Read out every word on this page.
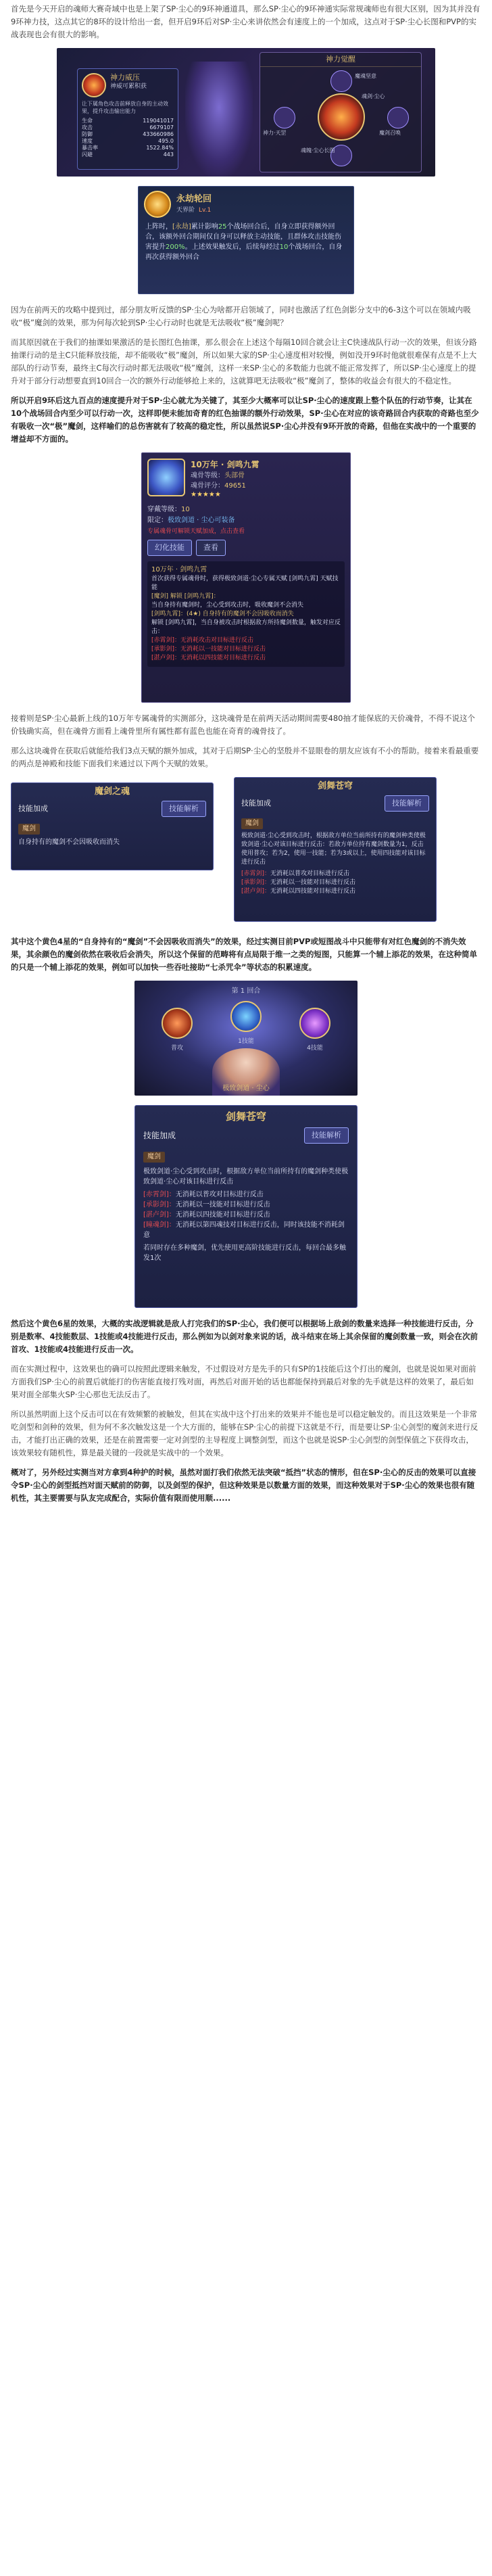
首先是今天开启的魂师大赛奇域中也是上架了SP·尘心的9环神通道具，那么SP·尘心的9环神通实际常规魂师也有很大区别，因为其并没有9环神力技，这点其它的8环的设计给出一套，但开启9环后对SP·尘心来讲依然会有速度上的一个加成，这点对于SP·尘心长图和PVP的实战表现也会有很大的影响。

神力威压
神威可累积获
让下属角色攻击前释放自身的主动效果，提升攻击输出能力
生命	119041017
攻击	6679107
防御	433660986
速度	495.0
暴击率	1522.84%
闪避	443
神力觉醒
魔魂坚意
神力·天罡
魂剑·尘心
魔剑召唤
魂魄·尘心长图
永劫轮回
天界阶 Lv.1
上阵时，[永劫]累计影响25个战场回合后，自身立即获得额外回合，该额外回合期间仅自身可以释放主动技能，且群体攻击技能伤害提升200%。上述效果触发后，后续每经过10个战场回合，自身再次获得额外回合

因为在前两天的攻略中提到过，部分朋友听反馈的SP·尘心为啥都开启领域了，同时也激活了红色剑影分支中的6-3这个可以在领域内吸收“极”魔剑的效果，那为何每次轮到SP·尘心行动时也就是无法吸收“极”魔剑呢？

而其原因就在于我们的抽课如果激活的是长图红色抽课，那么很会在上述这个每隔10回合就会让主C快速战队行动一次的效果，但该分路抽课行动的是主C只能释放技能，却不能吸收“极”魔剑，所以如果大家的SP·尘心速度相对较慢，例如没开9环时他就很难保有点是不上大部队的行动节奏，最终主C每次行动时都无法吸收“极”魔剑，这样一来SP·尘心的多数能力也就不能正常发挥了，所以SP·尘心速度上的提升对于部分行动想要直到10回合一次的额外行动能够抢上来的，这就算吧无法吸收“极”魔剑了，整体的收益会有很大的不稳定性。

所以开启9环后这九百点的速度提升对于SP·尘心就尤为关键了，其至少大概率可以让SP·尘心的速度跟上整个队伍的行动节奏，让其在10个战场回合内至少可以行动一次，这样即便未能加奇育的红色抽课的额外行动效果，SP·尘心在对应的该奇路回合内获取的奇路也至少有吸收一次“极”魔剑，这样喻们的总伤害就有了较高的稳定性，所以虽然说SP·尘心并没有9环开放的奇路，但他在实战中的一个重要的增益却不方面的。

10万年 · 剑鸣九霄
魂骨等级：头部骨
魂骨评分：49651
★★★★★
穿戴等级：10
限定：极致剑道 · 尘心可装备
专属魂骨可解锁天赋加成，点击查看
幻化技能	查看
10万年 · 剑鸣九霄
首次获得专属魂骨时，获得极致剑道·尘心专属天赋 [剑鸣九霄] 天赋技能
[魔剑] 解锁 [剑鸣九霄]：
当自身持有魔剑时，尘心受到攻击时，吸收魔剑不会消失
[剑鸣九霄]：(4★) 自身持有的魔剑不会因吸收而消失
解锁 [剑鸣九霄]，当自身被攻击时根据敌方所持魔剑数量，触发对应反击：
[赤霄剑]：无消耗攻击对目标进行反击
[承影剑]：无消耗以一技能对目标进行反击
[湛卢剑]：无消耗以四技能对目标进行反击

接着则是SP·尘心最新上线的10万年专属魂骨的实测部分，这块魂骨是在前两天活动期间需要480抽才能保底的天价魂骨，不得不说这个价钱确实高，但在魂骨方面看上魂骨里所有属性都有蓝色也能在奇育的魂骨技了。

那么这块魂骨在获取后就能给我们3点天赋的额外加成，其对于后期SP·尘心的坚殷并不显眼卷的朋友应该有不小的帮助。接着来看最重要的两点是神殿和技能下面我们来通过以下两个天赋的效果。

魔剑之魂
技能加成	技能解析
魔剑
自身持有的魔剑不会因吸收而消失
剑舞苍穹
技能加成	技能解析
魔剑
极致剑道·尘心受到攻击时，根据敌方单位当前所持有的魔剑种类使极致剑道·尘心对该目标进行反击：若敌方单位持有魔剑数量为1，反击使用普攻；若为2，使用一技能；若为3或以上，使用四技能对该目标进行反击
[赤霄剑]：无消耗以普攻对目标进行反击
[承影剑]：无消耗以一技能对目标进行反击
[湛卢剑]：无消耗以四技能对目标进行反击

其中这个黄色4星的“自身持有的“魔剑”不会因吸收而消失”的效果，经过实测目前PVP或短图战斗中只能带有对红色魔剑的不消失效果，其余颜色的魔剑依然在吸收后会消失，所以这个保留的范畴将有点局限于维一之类的短图，只能算一个辅上添花的效果，在这种简单的只是一个辅上添花的效果，例如可以加快一些吞吐接助“七杀咒伞”等状态的积累速度。

第 1 回合
普攻
1技能
4技能
极致剑道 · 尘心
剑舞苍穹
技能加成	技能解析
魔剑
极致剑道·尘心受到攻击时，根据敌方单位当前所持有的魔剑种类使极致剑道·尘心对该目标进行反击
[赤霄剑]：无消耗以普攻对目标进行反击
[承影剑]：无消耗以一技能对目标进行反击
[湛卢剑]：无消耗以四技能对目标进行反击
[瞳魂剑]：无消耗以第四魂技对目标进行反击，同时该技能不消耗剑意
若同时存在多种魔剑，优先使用更高阶技能进行反击，每回合最多触发1次

然后这个黄色6星的效果，大概的实战逻辑就是敌人打完我们的SP·尘心，我们便可以根据场上敌剑的数量来选择一种技能进行反击，分别是数率、4技能数层、1技能或4技能进行反击，那么例如为以剑对象来说的话，战斗结束在场上其余保留的魔剑数量一致，则会在次前首攻、1技能或4技能进行反击一次。

而在实测过程中，这效果也的确可以按照此逻辑来触发，不过假设对方是先手的只有SP的1技能后这个打出的魔剑，也就是说如果对面前方面我们SP·尘心的前置后就能打的伤害能直接打残对面，再然后对面开始的话也都能保持到最后对象的先手就是这样的效果了，最后如果对面全部集火SP·尘心那也无法反击了。

所以虽然明面上这个反击可以在有效频繁的被触发，但其在实战中这个打出来的效果并不能也是可以稳定触发的。而且这效果是一个非常吃剑型和剑种的效果，但为何不多次触发这是一个大方面的，能够在SP·尘心的前提下这就是不行，而是要让SP·尘心剑型的魔剑来进行反击，才能打出正确的效果，还是在前置需要一定对剑型的主导程度上调整剑型，而这个也就是说SP·尘心剑型的剑型保值之下获得攻击，该效果较有随机性，算是最关键的一段就是实战中的一个效果。

概对了，另外经过实测当对方拿到4种护的时候，虽然对面打我们依然无法突破“抵挡”状态的情形，但在SP·尘心的反击的效果可以直接令SP·尘心的剑型抵挡对面天赋前的防御，以及剑型的保护，但这种效果是以数量方面的效果，而这种效果对于SP·尘心的效果也很有随机性，其主要需要与队友完成配合，实际价值有限而使用顺......
